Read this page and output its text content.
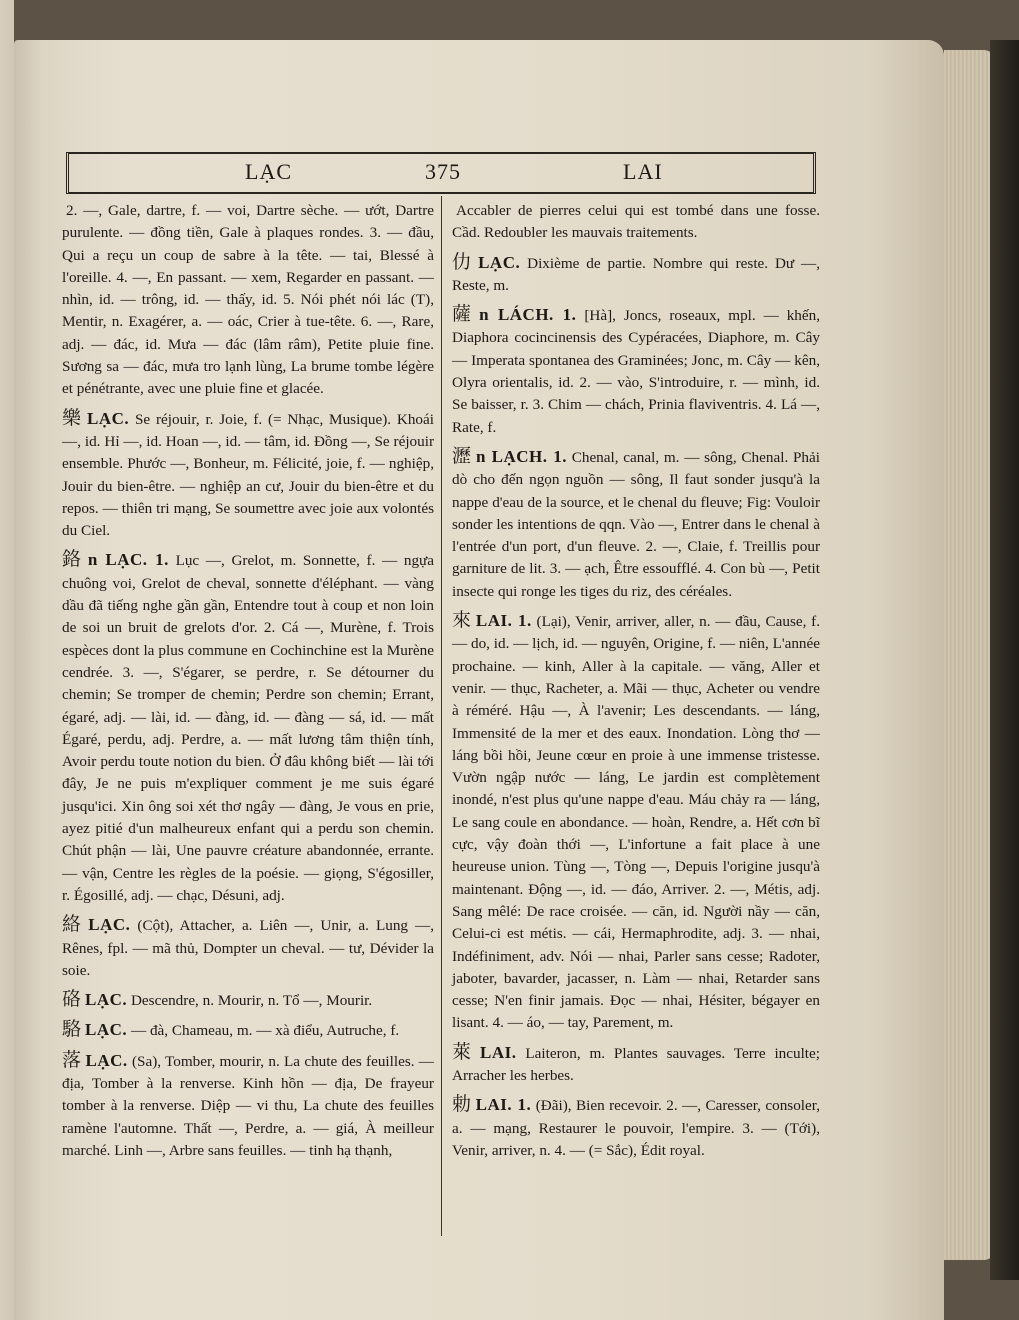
LẠC	375	LAI

2. —, Gale, dartre, f. — voi, Dartre sèche. — ướt, Dartre purulente. — đồng tiền, Gale à plaques rondes. 3. — đầu, Qui a reçu un coup de sabre à la tête. — tai, Blessé à l'oreille. 4. —, En passant. — xem, Regarder en passant. — nhìn, id. — trông, id. — thấy, id. 5. Nói phét nói lác (T), Mentir, n. Exagérer, a. — oác, Crier à tue-tête. 6. —, Rare, adj. — đác, id. Mưa — đác (lâm râm), Petite pluie fine. Sương sa — đác, mưa tro lạnh lùng, La brume tombe légère et pénétrante, avec une pluie fine et glacée.

樂 LẠC. Se réjouir, r. Joie, f. (= Nhạc, Musique). Khoái —, id. Hỉ —, id. Hoan —, id. — tâm, id. Đồng —, Se réjouir ensemble. Phước —, Bonheur, m. Félicité, joie, f. — nghiệp, Jouir du bien-être. — nghiệp an cư, Jouir du bien-être et du repos. — thiên tri mạng, Se soumettre avec joie aux volontés du Ciel.

鉻 n LẠC. 1. Lục —, Grelot, m. Sonnette, f. — ngựa chuông voi, Grelot de cheval, sonnette d'éléphant. — vàng dầu đã tiếng nghe gần gần, Entendre tout à coup et non loin de soi un bruit de grelots d'or. 2. Cá —, Murène, f. Trois espèces dont la plus commune en Cochinchine est la Murène cendrée. 3. —, S'égarer, se perdre, r. Se détourner du chemin; Se tromper de chemin; Perdre son chemin; Errant, égaré, adj. — lài, id. — đàng, id. — đàng — sá, id. — mất Égaré, perdu, adj. Perdre, a. — mất lương tâm thiện tính, Avoir perdu toute notion du bien. Ở đâu không biết — lài tới đây, Je ne puis m'expliquer comment je me suis égaré jusqu'ici. Xin ông soi xét thơ ngây — đàng, Je vous en prie, ayez pitié d'un malheureux enfant qui a perdu son chemin. Chút phận — lài, Une pauvre créature abandonnée, errante. — vận, Centre les règles de la poésie. — giọng, S'égosiller, r. Égosillé, adj. — chạc, Désuni, adj.

絡 LẠC. (Cột), Attacher, a. Liên —, Unir, a. Lung —, Rênes, fpl. — mã thủ, Dompter un cheval. — tư, Dévider la soie.

硌 LẠC. Descendre, n. Mourir, n. Tổ —, Mourir.

駱 LẠC. — đà, Chameau, m. — xà điểu, Autruche, f.

落 LẠC. (Sa), Tomber, mourir, n. La chute des feuilles. — địa, Tomber à la renverse. Kinh hồn — địa, De frayeur tomber à la renverse. Diệp — vi thu, La chute des feuilles ramène l'automne. Thất —, Perdre, a. — giá, À meilleur marché. Linh —, Arbre sans feuilles. — tinh hạ thạnh,

Accabler de pierres celui qui est tombé dans une fosse. Cầd. Redoubler les mauvais traitements.

仂 LẠC. Dixième de partie. Nombre qui reste. Dư —, Reste, m.

薩 n LÁCH. 1. [Hà], Joncs, roseaux, mpl. — khến, Diaphora cocincinensis des Cypéracées, Diaphore, m. Cây — Imperata spontanea des Graminées; Jonc, m. Cây — kên, Olyra orientalis, id. 2. — vào, S'introduire, r. — mình, id. Se baisser, r. 3. Chim — chách, Prinia flaviventris. 4. Lá —, Rate, f.

瀝 n LẠCH. 1. Chenal, canal, m. — sông, Chenal. Phải dò cho đến ngọn nguồn — sông, Il faut sonder jusqu'à la nappe d'eau de la source, et le chenal du fleuve; Fig: Vouloir sonder les intentions de qqn. Vào —, Entrer dans le chenal à l'entrée d'un port, d'un fleuve. 2. —, Claie, f. Treillis pour garniture de lit. 3. — ạch, Être essoufflé. 4. Con bù —, Petit insecte qui ronge les tiges du riz, des céréales.

來 LAI. 1. (Lại), Venir, arriver, aller, n. — đầu, Cause, f. — do, id. — lịch, id. — nguyên, Origine, f. — niên, L'année prochaine. — kinh, Aller à la capitale. — văng, Aller et venir. — thục, Racheter, a. Mãi — thục, Acheter ou vendre à réméré. Hậu —, À l'avenir; Les descendants. — láng, Immensité de la mer et des eaux. Inondation. Lòng thơ — láng bồi hồi, Jeune cœur en proie à une immense tristesse. Vườn ngập nước — láng, Le jardin est complètement inondé, n'est plus qu'une nappe d'eau. Máu chảy ra — láng, Le sang coule en abondance. — hoàn, Rendre, a. Hết cơn bĩ cực, vậy đoàn thới —, L'infortune a fait place à une heureuse union. Tùng —, Tòng —, Depuis l'origine jusqu'à maintenant. Động —, id. — đáo, Arriver. 2. —, Métis, adj. Sang mêlé: De race croisée. — căn, id. Người nầy — căn, Celui-ci est métis. — cái, Hermaphrodite, adj. 3. — nhai, Indéfiniment, adv. Nói — nhai, Parler sans cesse; Radoter, jaboter, bavarder, jacasser, n. Làm — nhai, Retarder sans cesse; N'en finir jamais. Đọc — nhai, Hésiter, bégayer en lisant. 4. — áo, — tay, Parement, m.

萊 LAI. Laiteron, m. Plantes sauvages. Terre inculte; Arracher les herbes.

勅 LAI. 1. (Đãi), Bien recevoir. 2. —, Caresser, consoler, a. — mạng, Restaurer le pouvoir, l'empire. 3. — (Tới), Venir, arriver, n. 4. — (= Sắc), Édit royal.
